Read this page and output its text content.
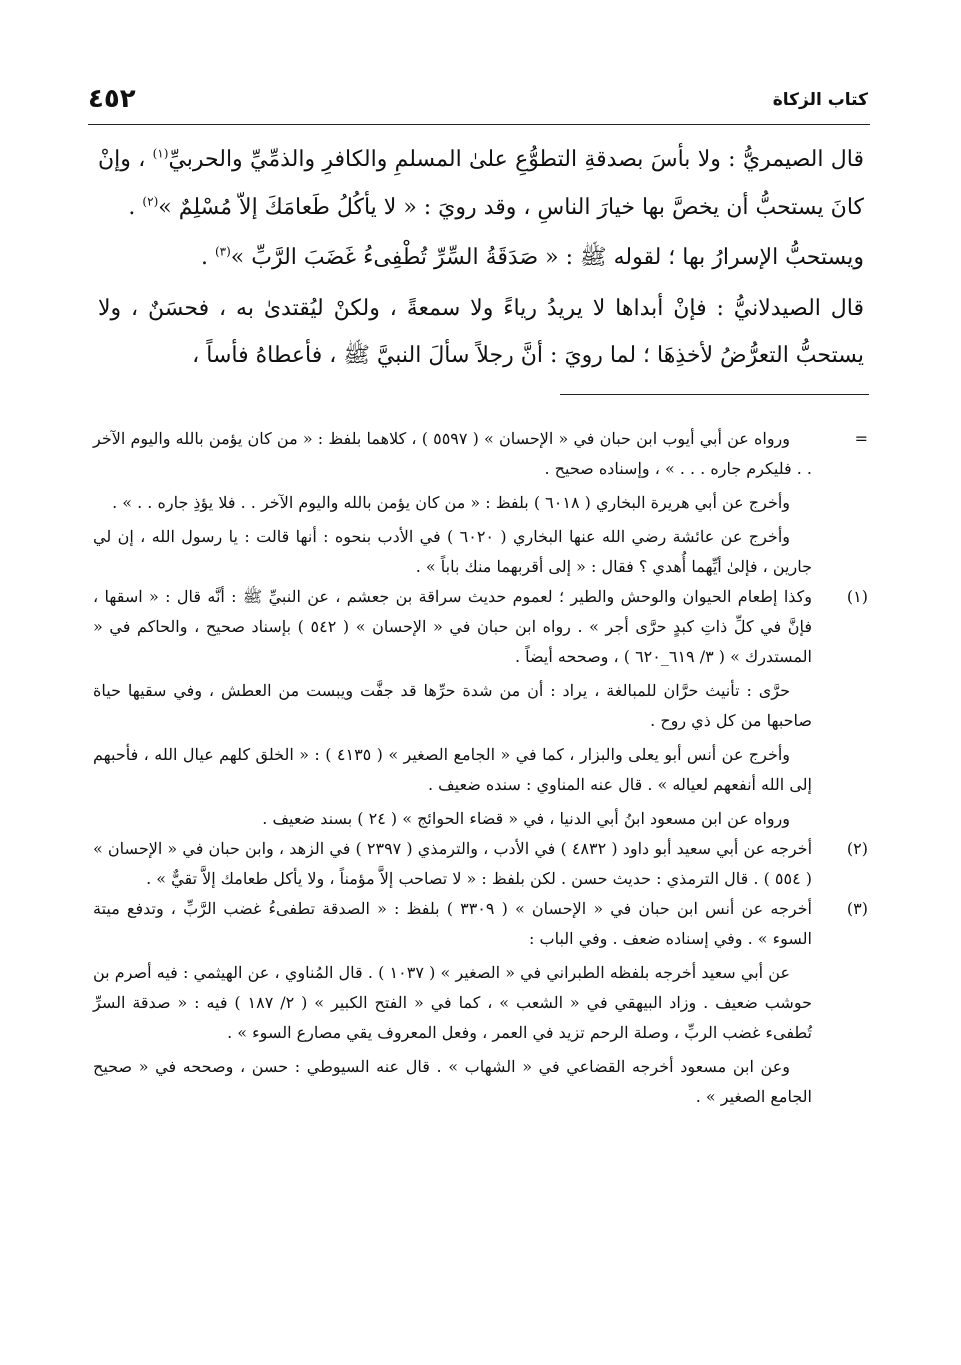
كتاب الزكاة
٤٥٢

قال الصيمريُّ : ولا بأسَ بصدقةِ التطوُّعِ علىٰ المسلمِ والكافرِ والذمِّيِّ والحربيِّ$^{(١)}$ ، وإنْ كانَ يستحبُّ أن يخصَّ بها خيارَ الناسِ ، وقد رويَ : « لا يأكُلُ طَعامَكَ إلاّ مُسْلِمٌ »$^{(٢)}$ .

ويستحبُّ الإسرارُ بها ؛ لقوله ﷺ : « صَدَقَةُ السِّرِّ تُطْفِىءُ غَضَبَ الرَّبِّ »$^{(٣)}$ .

قال الصيدلانيُّ : فإنْ أبداها لا يريدُ رياءً ولا سمعةً ، ولكنْ ليُقتدىٰ به ، فحسَنٌ ، ولا يستحبُّ التعرُّضُ لأخذِهَا ؛ لما رويَ : أنَّ رجلاً سألَ النبيَّ ﷺ ، فأعطاهُ فأساً ،

=

ورواه عن أبي أيوب ابن حبان في « الإحسان » ( ٥٥٩٧ ) ، كلاهما بلفظ : « من كان يؤمن بالله واليوم الآخر . . فليكرم جاره . . . » ، وإسناده صحيح .

وأخرج عن أبي هريرة البخاري ( ٦٠١٨ ) بلفظ : « من كان يؤمن بالله واليوم الآخر . . فلا يؤذِ جاره . . » .

وأخرج عن عائشة رضي الله عنها البخاري ( ٦٠٢٠ ) في الأدب بنحوه : أنها قالت : يا رسول الله ، إن لي جارين ، فإلىٰ أيِّهما أُهدي ؟ فقال : « إلى أقربهما منك باباً » .

(١)

وكذا إطعام الحيوان والوحش والطير ؛ لعموم حديث سراقة بن جعشم ، عن النبيِّ ﷺ : أنَّه قال : « اسقها ، فإنَّ في كلِّ ذاتِ كبدٍ حرَّى أجر » . رواه ابن حبان في « الإحسان » ( ٥٤٢ ) بإسناد صحيح ، والحاكم في « المستدرك » ( ٣/ ٦١٩_٦٢٠ ) ، وصححه أيضاً .

حرَّى : تأنيث حرَّان للمبالغة ، يراد : أن من شدة حرِّها قد جفَّت ويبست من العطش ، وفي سقيها حياة صاحبها من كل ذي روح .

وأخرج عن أنس أبو يعلى والبزار ، كما في « الجامع الصغير » ( ٤١٣٥ ) : « الخلق كلهم عيال الله ، فأحبهم إلى الله أنفعهم لعياله » . قال عنه المناوي : سنده ضعيف .

ورواه عن ابن مسعود ابنُ أبي الدنيا ، في « قضاء الحوائج » ( ٢٤ ) بسند ضعيف .

(٢)

أخرجه عن أبي سعيد أبو داود ( ٤٨٣٢ ) في الأدب ، والترمذي ( ٢٣٩٧ ) في الزهد ، وابن حبان في « الإحسان » ( ٥٥٤ ) . قال الترمذي : حديث حسن . لكن بلفظ : « لا تصاحب إلاَّ مؤمناً ، ولا يأكل طعامك إلاَّ تقيٌّ » .

(٣)

أخرجه عن أنس ابن حبان في « الإحسان » ( ٣٣٠٩ ) بلفظ : « الصدقة تطفىءُ غضب الرَّبِّ ، وتدفع ميتة السوء » . وفي إسناده ضعف . وفي الباب :

عن أبي سعيد أخرجه بلفظه الطبراني في « الصغير » ( ١٠٣٧ ) . قال المُناوي ، عن الهيثمي : فيه أصرم بن حوشب ضعيف . وزاد البيهقي في « الشعب » ، كما في « الفتح الكبير » ( ٢/ ١٨٧ ) فيه : « صدقة السرِّ تُطفىء غضب الربِّ ، وصلة الرحم تزيد في العمر ، وفعل المعروف يقي مصارع السوء » .

وعن ابن مسعود أخرجه القضاعي في « الشهاب » . قال عنه السيوطي : حسن ، وصححه في « صحيح الجامع الصغير » .
